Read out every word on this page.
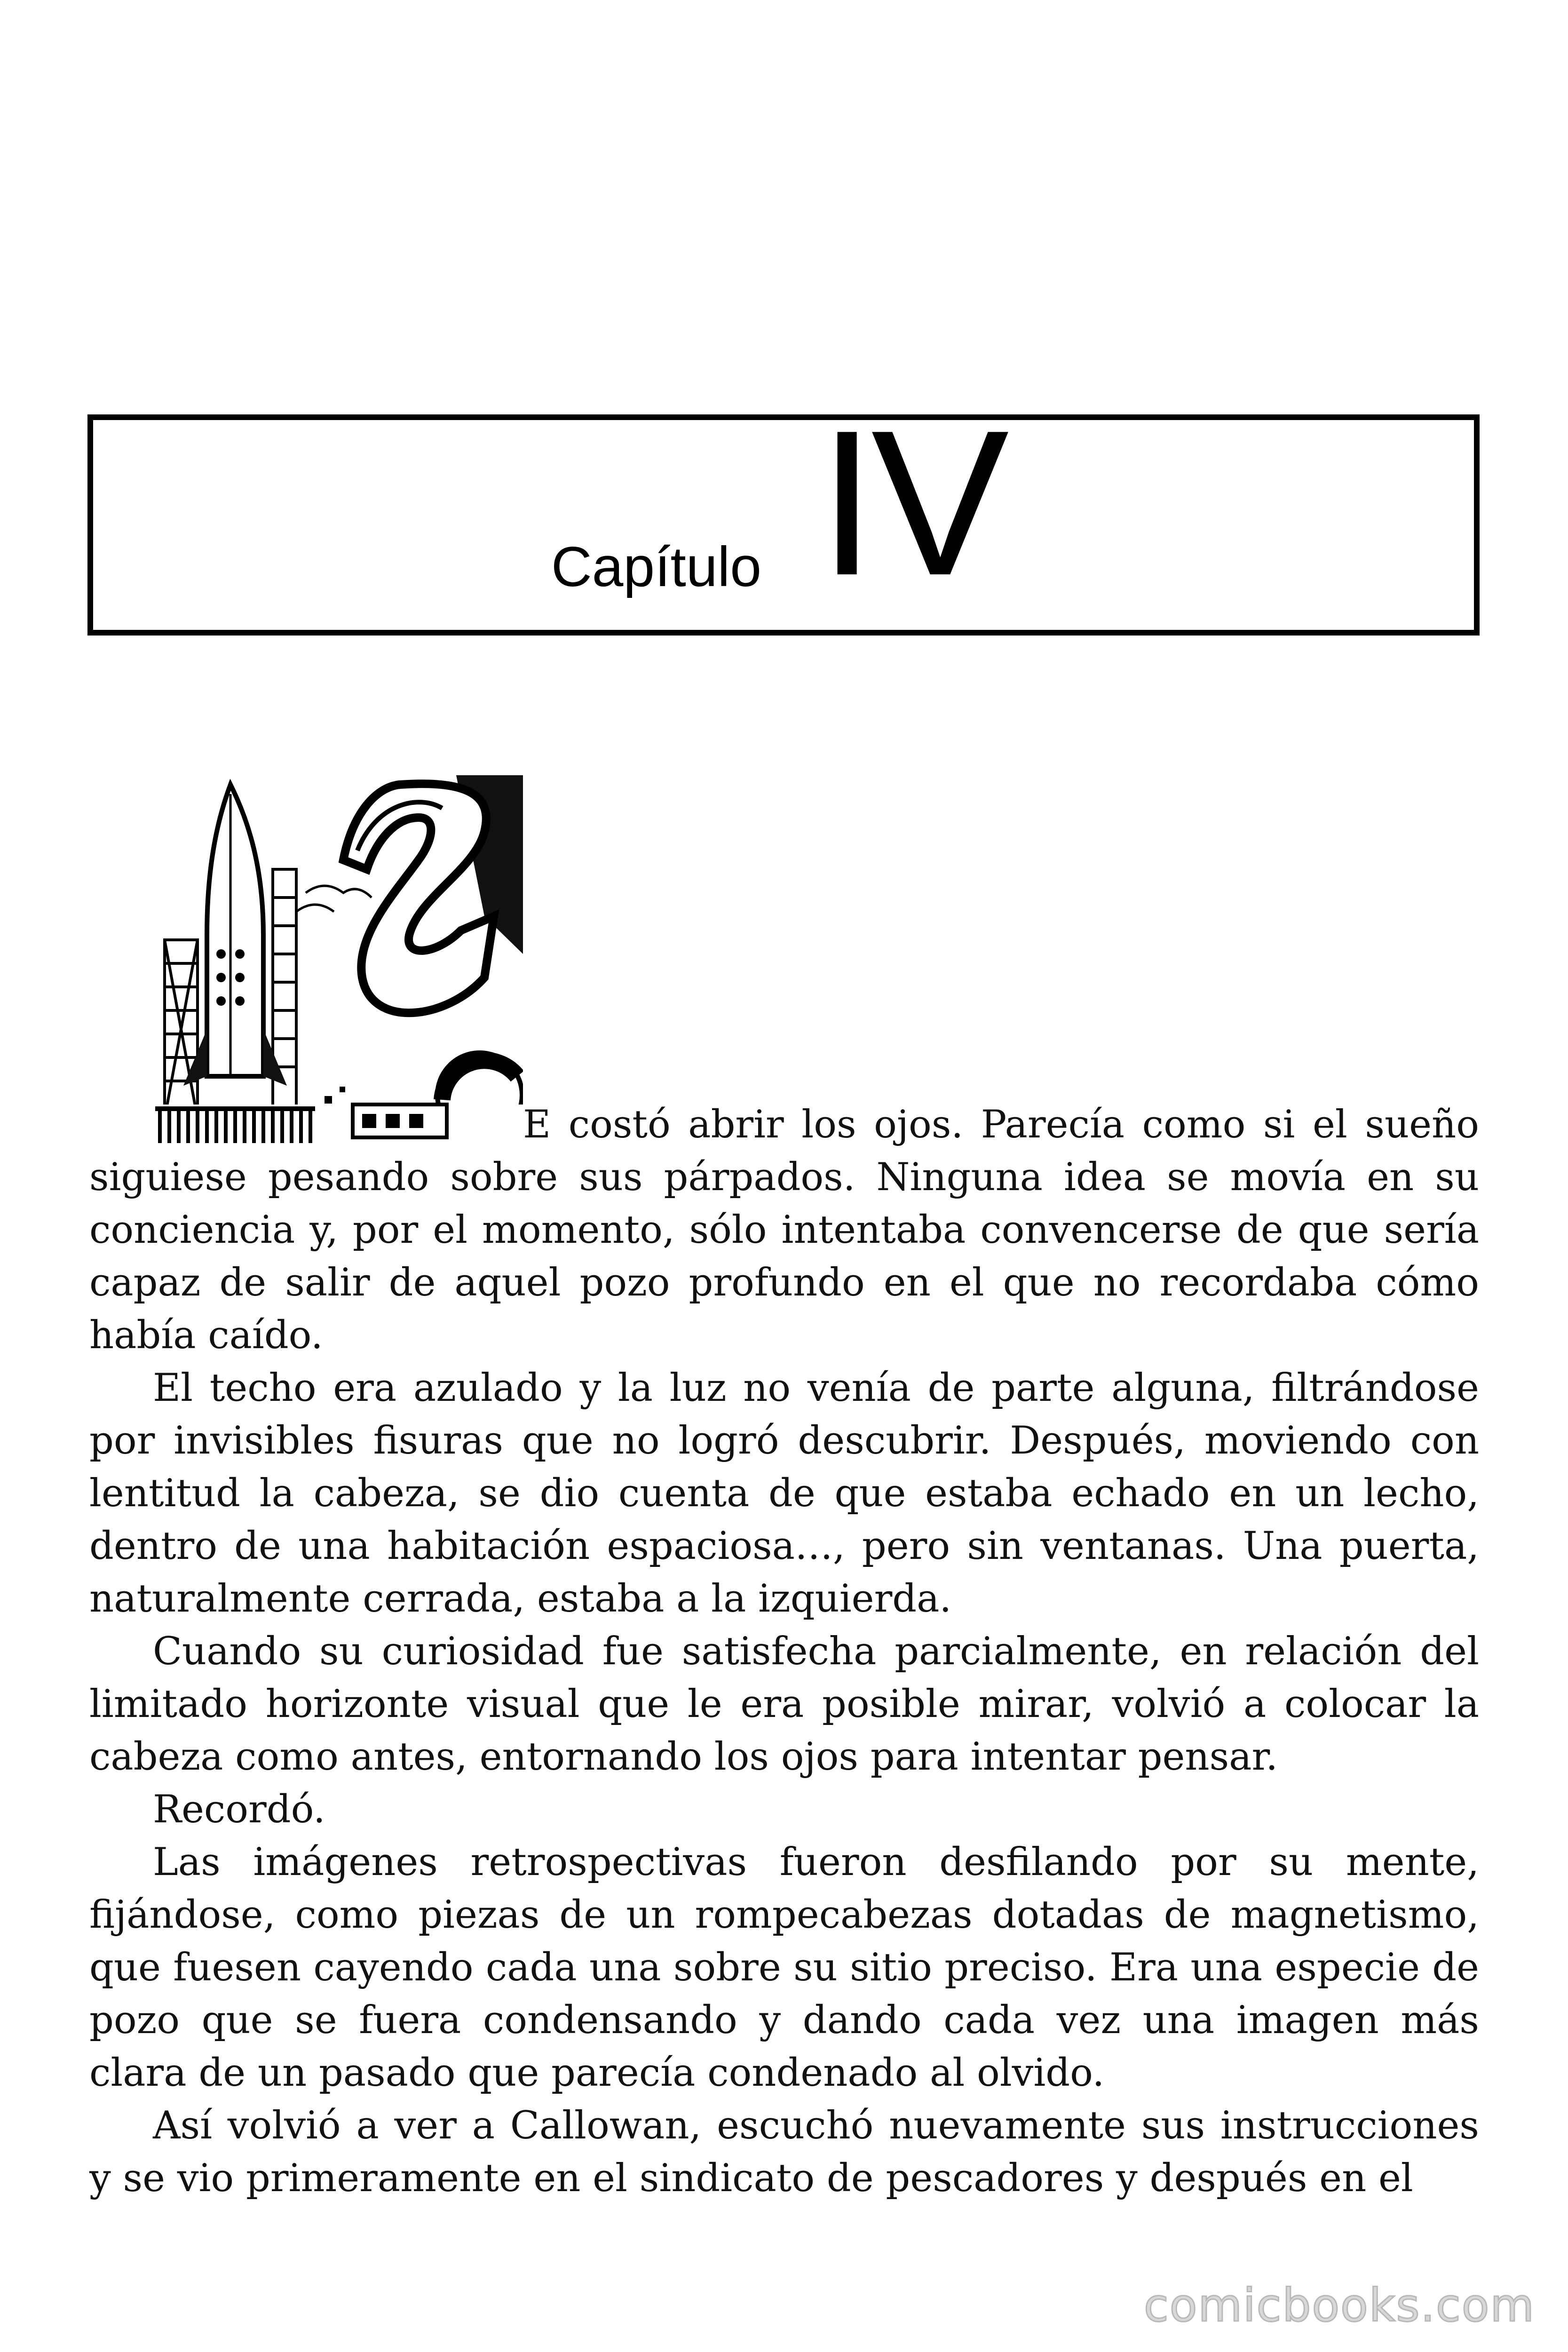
Capítulo IV

E costó abrir los ojos. Parecía como si el sueño siguiese pesando sobre sus párpados. Ninguna idea se movía en su conciencia y, por el momento, sólo intentaba convencerse de que sería capaz de salir de aquel pozo profundo en el que no recordaba cómo había caído.

El techo era azulado y la luz no venía de parte alguna, filtrándose por invisibles fisuras que no logró descubrir. Después, moviendo con lentitud la cabeza, se dio cuenta de que estaba echado en un lecho, dentro de una habitación espaciosa…, pero sin ventanas. Una puerta, naturalmente cerrada, estaba a la izquierda.

Cuando su curiosidad fue satisfecha parcialmente, en relación del limitado horizonte visual que le era posible mirar, volvió a colocar la cabeza como antes, entornando los ojos para intentar pensar.

Recordó.

Las imágenes retrospectivas fueron desfilando por su mente, fijándose, como piezas de un rompecabezas dotadas de magnetismo, que fuesen cayendo cada una sobre su sitio preciso. Era una especie de pozo que se fuera condensando y dando cada vez una imagen más clara de un pasado que parecía condenado al olvido.

Así volvió a ver a Callowan, escuchó nuevamente sus instrucciones y se vio primeramente en el sindicato de pescadores y después en el

comicbooks.com
